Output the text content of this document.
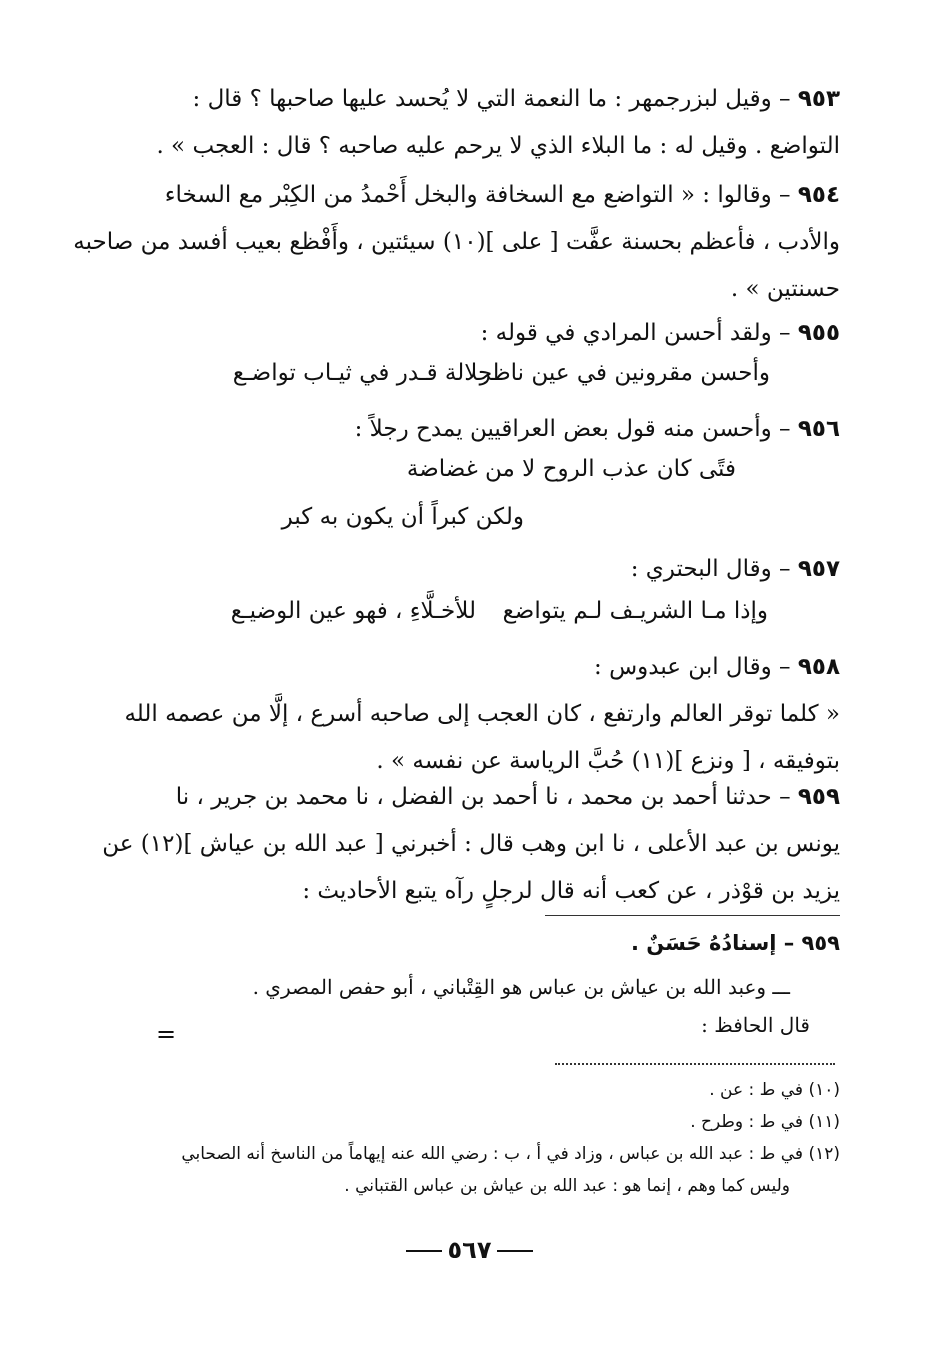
٩٥٣ – وقيل لبزرجمهر : ما النعمة التي لا يُحسد عليها صاحبها ؟ قال :
التواضع . وقيل له : ما البلاء الذي لا يرحم عليه صاحبه ؟ قال : العجب » .
٩٥٤ – وقالوا : « التواضع مع السخافة والبخل أَحْمدُ من الكِبْر مع السخاء
والأدب ، فأعظم بحسنة عفَّت [ على ](١٠) سيئتين ، وأَفْظع بعيب أفسد من صاحبه
حسنتين » .
٩٥٥ – ولقد أحسن المرادي في قوله :
وأحسن مقرونين في عين ناظر جلالة قـدر في ثيـاب تواضـع
٩٥٦ – وأحسن منه قول بعض العراقيين يمدح رجلاً :
فتًى كان عذب الروح لا من غضاضة
ولكن كبراً أن يكون به كبر
٩٥٧ – وقال البحتري :
وإذا مـا الشريـف لـم يتواضع للأخـلَّاءِ ، فهو عين الوضيـع
٩٥٨ – وقال ابن عبدوس :
« كلما توقر العالم وارتفع ، كان العجب إلى صاحبه أسرع ، إلَّا من عصمه الله
بتوفيقه ، [ ونزع ](١١) حُبَّ الرياسة عن نفسه » .
٩٥٩ – حدثنا أحمد بن محمد ، نا أحمد بن الفضل ، نا محمد بن جرير ، نا
يونس بن عبد الأعلى ، نا ابن وهب قال : أخبرني [ عبد الله بن عياش ](١٢) عن
يزيد بن قوْذر ، عن كعب أنه قال لرجلٍ رآه يتبع الأحاديث :
٩٥٩ – إسنادُهُ حَسَنٌ .
ـــ وعبد الله بن عياش بن عباس هو القِتْباني ، أبو حفص المصري .
قال الحافظ :
=
(١٠) في ط : عن .
(١١) في ط : وطرح .
(١٢) في ط : عبد الله بن عباس ، وزاد في أ ، ب : رضي الله عنه إيهاماً من الناسخ أنه الصحابي
وليس كما وهم ، إنما هو : عبد الله بن عياش بن عباس القتباني .
٥٦٧
